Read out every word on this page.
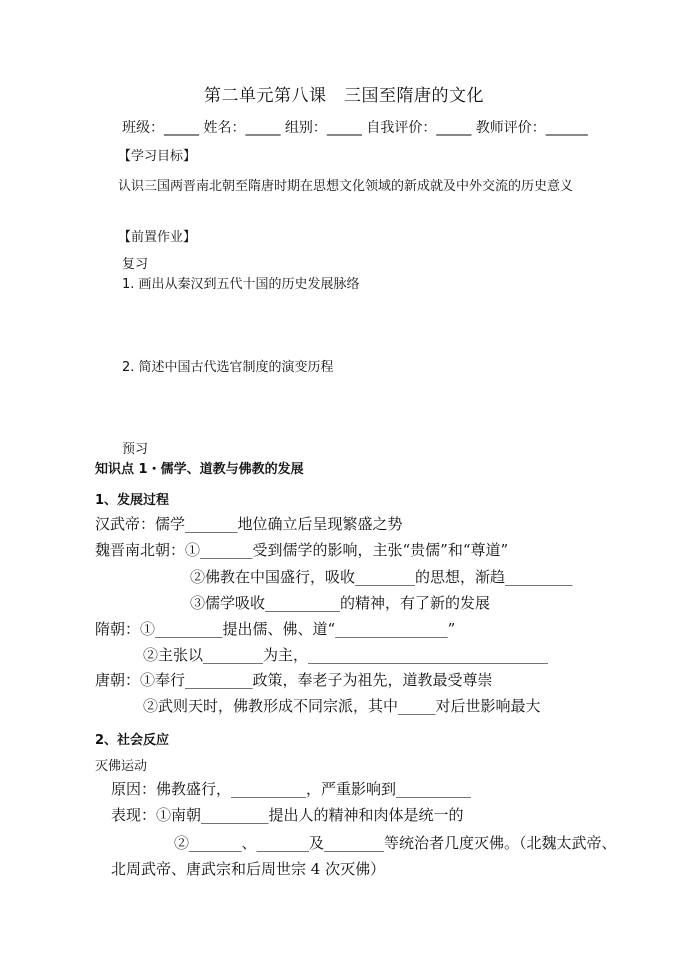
第二单元第八课　三国至隋唐的文化
班级：_____ 姓名：_____ 组别：_____ 自我评价：_____ 教师评价：______
【学习目标】
认识三国两晋南北朝至隋唐时期在思想文化领域的新成就及中外交流的历史意义
【前置作业】
复习
1. 画出从秦汉到五代十国的历史发展脉络
2. 简述中国古代选官制度的演变历程
预习
知识点 1・儒学、道教与佛教的发展
1、发展过程
汉武帝：儒学_______地位确立后呈现繁盛之势
魏晋南北朝：①_______受到儒学的影响，主张“贵儒”和“尊道”
②佛教在中国盛行，吸收________的思想，渐趋_________
③儒学吸收__________的精神，有了新的发展
隋朝：①_________提出儒、佛、道“_______________”
②主张以________为主，________________________________
唐朝：①奉行_________政策，奉老子为祖先，道教最受尊崇
②武则天时，佛教形成不同宗派，其中_____对后世影响最大
2、社会反应
灭佛运动
原因：佛教盛行，__________，严重影响到__________
表现：①南朝_________提出人的精神和肉体是统一的
②_______、_______及________等统治者几度灭佛。（北魏太武帝、
北周武帝、唐武宗和后周世宗 4 次灭佛）
